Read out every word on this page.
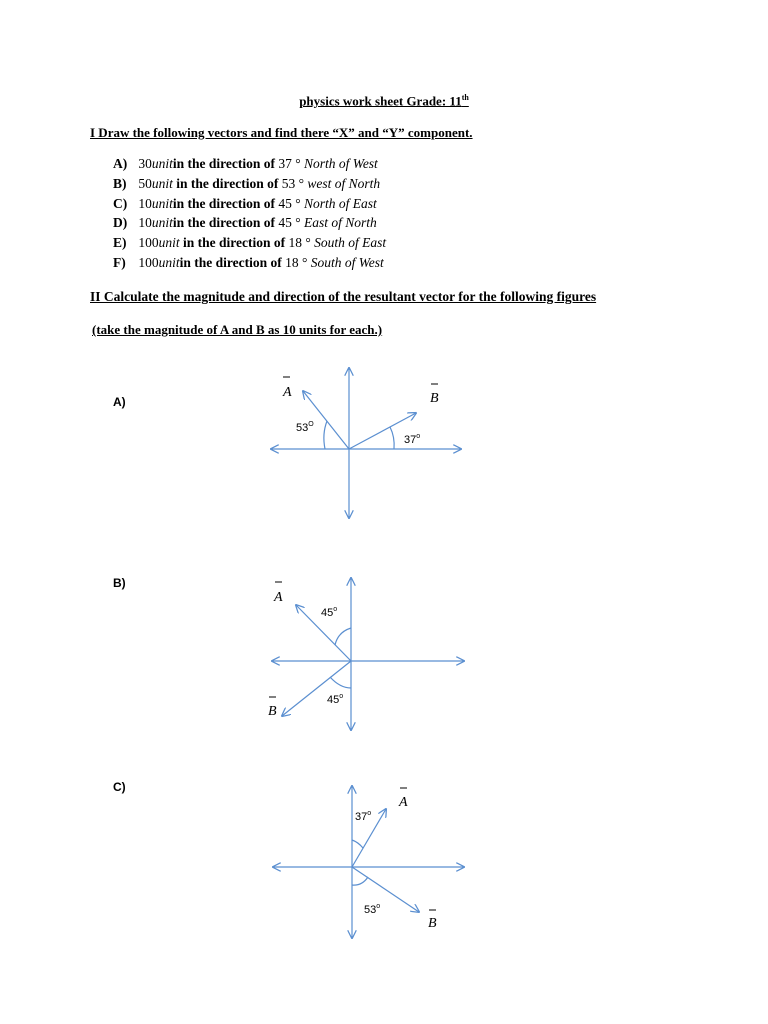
physics work sheet Grade: 11th
I Draw the following vectors and find there “X” and “Y” component.
A) 30unitin the direction of 37 ° North of West
B) 50unit in the direction of 53 ° west of North
C) 10unitin the direction of 45 ° North of East
D) 10unitin the direction of 45 ° East of North
E) 100unit in the direction of 18 ° South of East
F) 100unitin the direction of 18 ° South of West
II Calculate the magnitude and direction of the resultant vector for the following figures
(take the magnitude of A and B as 10 units for each.)
A)
B)
C)
A	B
$53^O$
37$^o$
A
B
45$^o$
45$^o$
A
B
37$^o$
53$^o$
